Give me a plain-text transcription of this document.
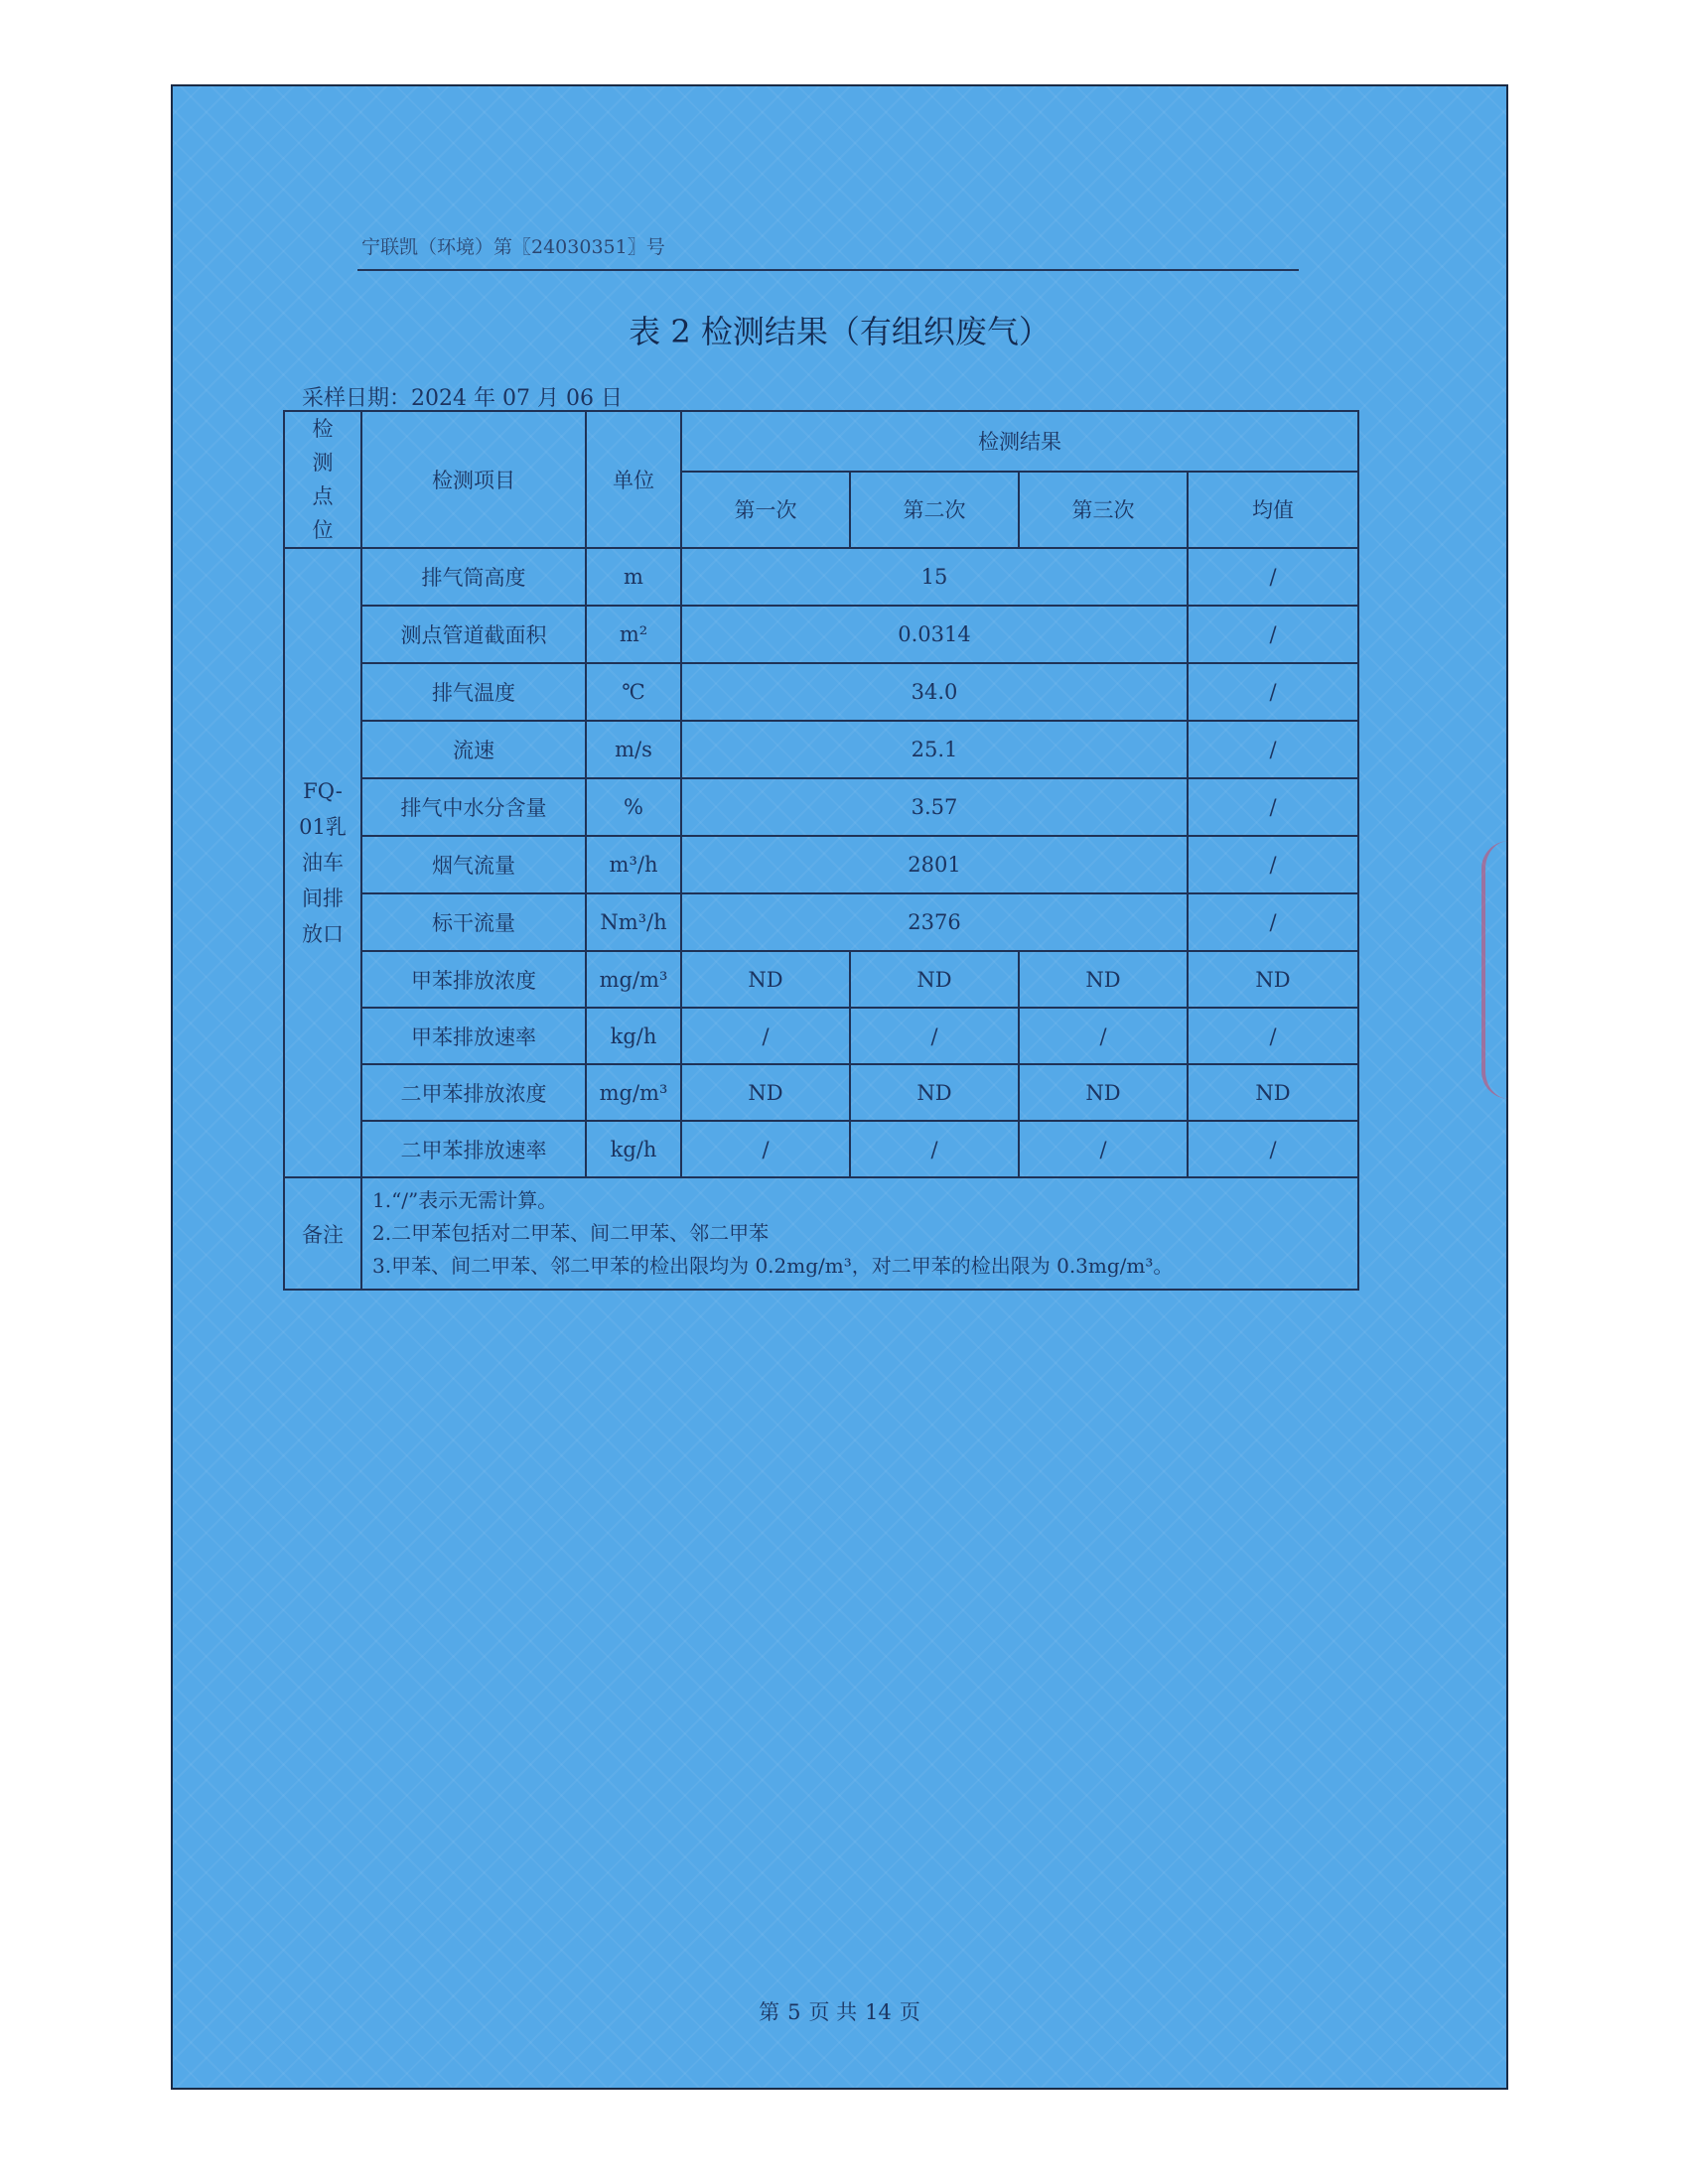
宁联凯（环境）第〖24030351〗号
表 2 检测结果（有组织废气）
采样日期：2024 年 07 月 06 日
检测点位	检测项目	单位	检测结果			
			第一次	第二次	第三次	均值
FQ-01乳油车间排放口	排气筒高度	m	15			/
	测点管道截面积	m²	0.0314			/
	排气温度	℃	34.0			/
	流速	m/s	25.1			/
	排气中水分含量	%	3.57			/
	烟气流量	m³/h	2801			/
	标干流量	Nm³/h	2376			/
	甲苯排放浓度	mg/m³	ND	ND	ND	ND
	甲苯排放速率	kg/h	/	/	/	/
	二甲苯排放浓度	mg/m³	ND	ND	ND	ND
	二甲苯排放速率	kg/h	/	/	/	/
备注	1.“/”表示无需计算。
2.二甲苯包括对二甲苯、间二甲苯、邻二甲苯
3.甲苯、间二甲苯、邻二甲苯的检出限均为 0.2mg/m³，对二甲苯的检出限为 0.3mg/m³。					
第 5 页 共 14 页
